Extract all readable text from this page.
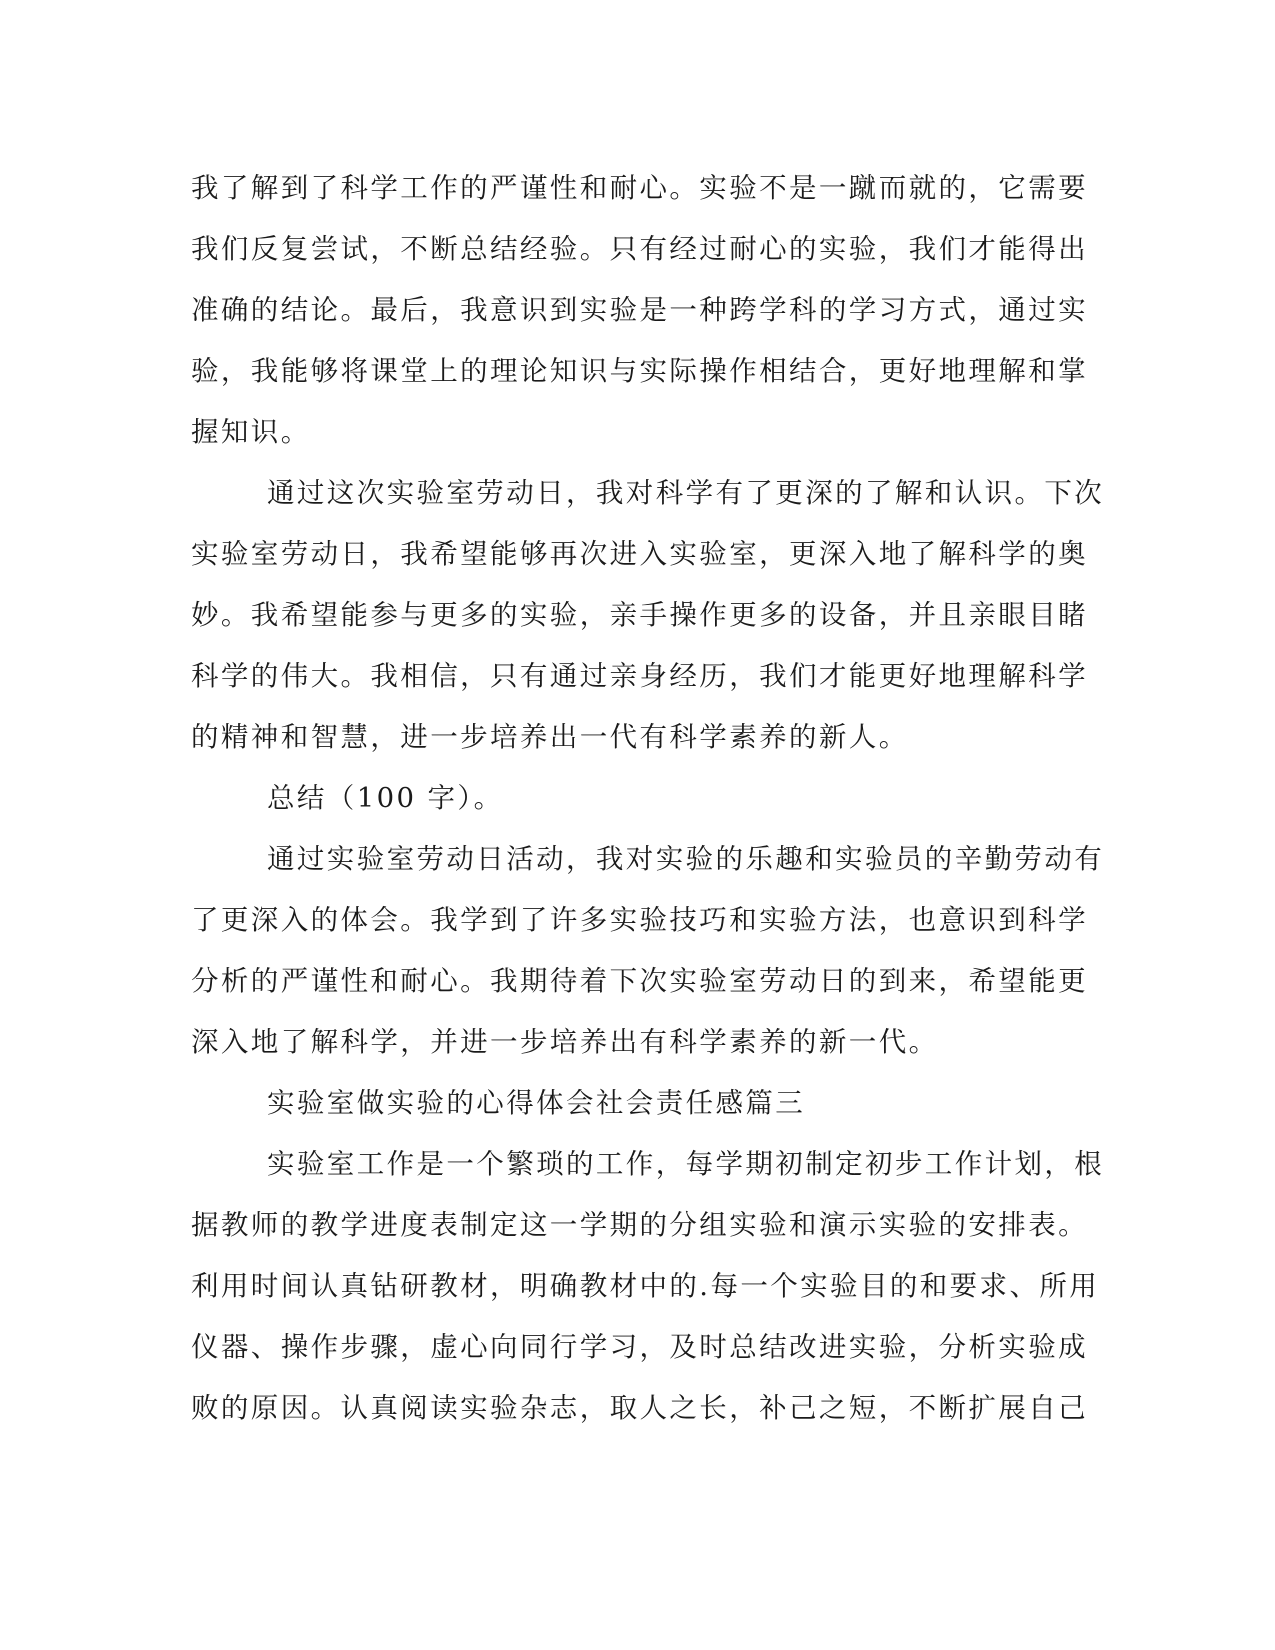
我了解到了科学工作的严谨性和耐心。实验不是一蹴而就的，它需要
我们反复尝试，不断总结经验。只有经过耐心的实验，我们才能得出
准确的结论。最后，我意识到实验是一种跨学科的学习方式，通过实
验，我能够将课堂上的理论知识与实际操作相结合，更好地理解和掌
握知识。
通过这次实验室劳动日，我对科学有了更深的了解和认识。下次
实验室劳动日，我希望能够再次进入实验室，更深入地了解科学的奥
妙。我希望能参与更多的实验，亲手操作更多的设备，并且亲眼目睹
科学的伟大。我相信，只有通过亲身经历，我们才能更好地理解科学
的精神和智慧，进一步培养出一代有科学素养的新人。
总结（100 字）。
通过实验室劳动日活动，我对实验的乐趣和实验员的辛勤劳动有
了更深入的体会。我学到了许多实验技巧和实验方法，也意识到科学
分析的严谨性和耐心。我期待着下次实验室劳动日的到来，希望能更
深入地了解科学，并进一步培养出有科学素养的新一代。
实验室做实验的心得体会社会责任感篇三
实验室工作是一个繁琐的工作，每学期初制定初步工作计划，根
据教师的教学进度表制定这一学期的分组实验和演示实验的安排表。
利用时间认真钻研教材，明确教材中的.每一个实验目的和要求、所用
仪器、操作步骤，虚心向同行学习，及时总结改进实验，分析实验成
败的原因。认真阅读实验杂志，取人之长，补己之短，不断扩展自己
